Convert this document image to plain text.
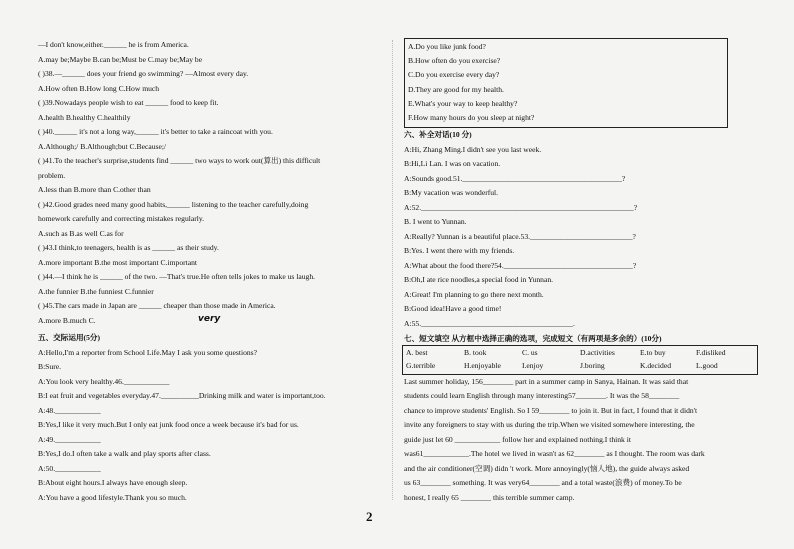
—I don't know,either.______ he is from America.
A.may be;Maybe B.can be;Must be C.may be;May be
( )38.—______ does your friend go swimming? —Almost every day.
A.How often B.How long C.How much
( )39.Nowadays people wish to eat ______ food to keep fit.
A.health B.healthy C.healthily
( )40.______ it's not a long way,______ it's better to take a raincoat with you.
A.Although;/ B.Although;but C.Because;/
( )41.To the teacher's surprise,students find ______ two ways to work out(算出) this difficult
problem.
A.less than B.more than C.other than
( )42.Good grades need many good habits,______ listening to the teacher carefully,doing
homework carefully and correcting mistakes regularly.
A.such as B.as well C.as for
( )43.I think,to teenagers, health is as ______ as their study.
A.more important B.the most important C.important
( )44.—I think he is ______ of the two. —That's true.He often tells jokes to make us laugh.
A.the funnier B.the funniest C.funnier
( )45.The cars made in Japan are ______ cheaper than those made in America.
A.more B.much C.	very
五、交际运用(5分)
A:Hello,I'm a reporter from School Life.May I ask you some questions?
B:Sure.
A:You look very healthy.46.____________
B:I eat fruit and vegetables everyday.47.__________Drinking milk and water is important,too.
A:48.____________
B:Yes,I like it very much.But I only eat junk food once a week because it's bad for us.
A:49.____________
B:Yes,I do.I often take a walk and play sports after class.
A:50.____________
B:About eight hours.I always have enough sleep.
A:You have a good lifestyle.Thank you so much.
A.Do you like junk food?
B.How often do you exercise?
C.Do you exercise every day?
D.They are good for my health.
E.What's your way to keep healthy?
F.How many hours do you sleep at night?
六、补全对话(10 分)
A:Hi, Zhang Ming.I didn't see you last week.
B:Hi,Li Lan. I was on vacation.
A:Sounds good.51.__________________________________________?
B:My vacation was wonderful.
A:52.________________________________________________________?
B. I went to Yunnan.
A:Really? Yunnan is a beautiful place.53.___________________________?
B:Yes. I went there with my friends.
A:What about the food there?54.__________________________________?
B:Oh,I ate rice noodles,a special food in Yunnan.
A:Great! I'm planning to go there next month.
B:Good idea!Have a good time!
A:55.________________________________________.
七、短文填空 从方框中选择正确的选项，完成短文（有两项是多余的）(10分)
A. best	B. took	C. us	D.activities	E.to buy	F.disliked
G.terrible	H.enjoyable	I.enjoy	J.boring	K.decided	L.good
Last summer holiday, 156________ part in a summer camp in Sanya, Hainan. It was said that
students could learn English through many interesting57________. It was the 58________
chance to improve students' English. So I 59________ to join it. But in fact, I found that it didn't
invite any foreigners to stay with us during the trip.When we visited somewhere interesting, the
guide just let 60 ____________ follow her and explained nothing.I think it
was61____________.The hotel we lived in wasn't as 62________ as I thought. The room was dark
and the air conditioner(空调) didn 't work. More annoyingly(恼人地), the guide always asked
us 63________ something. It was very64________ and a total waste(浪费) of money.To be
honest, I really 65 ________ this terrible summer camp.
2
